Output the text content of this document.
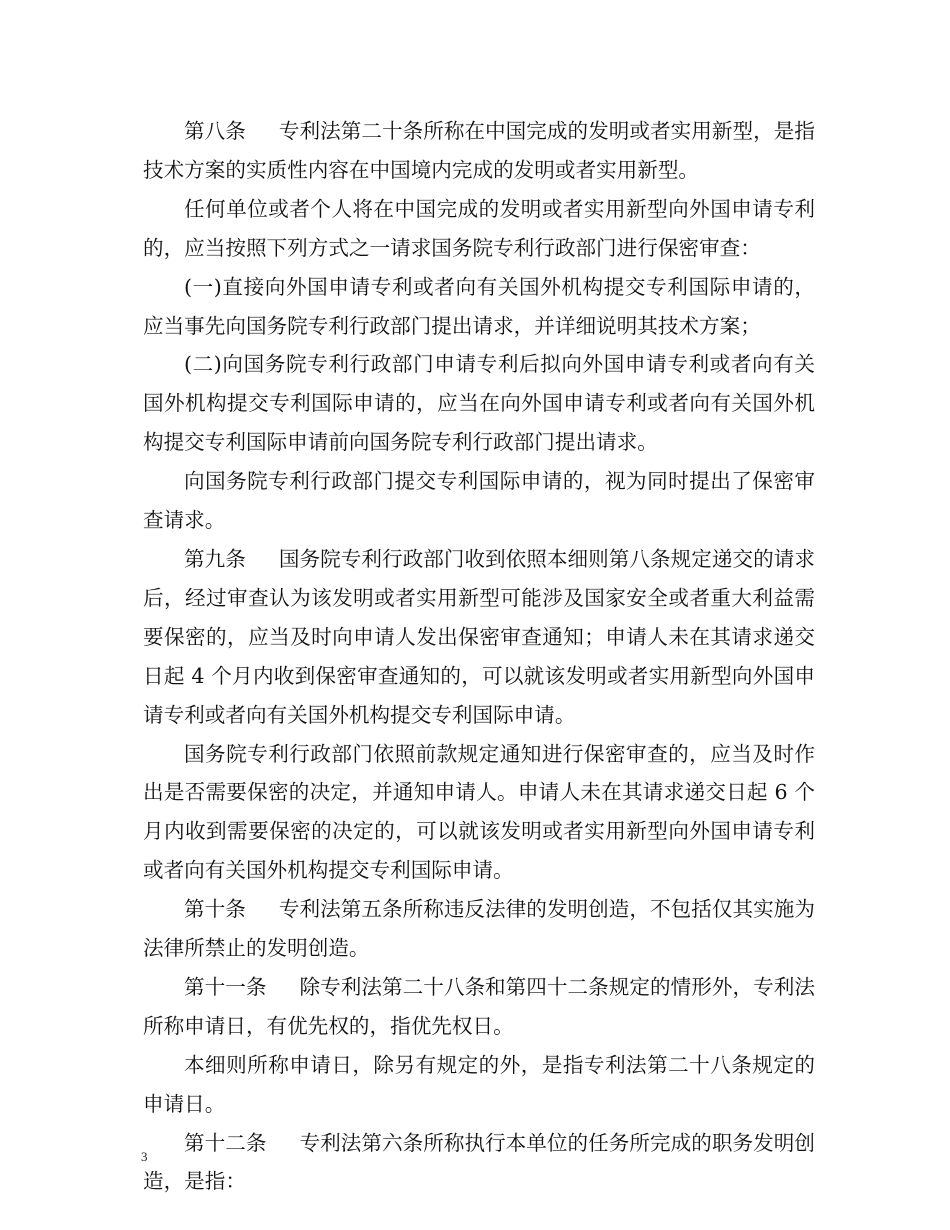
第八条 专利法第二十条所称在中国完成的发明或者实用新型，是指技术方案的实质性内容在中国境内完成的发明或者实用新型。

任何单位或者个人将在中国完成的发明或者实用新型向外国申请专利的，应当按照下列方式之一请求国务院专利行政部门进行保密审查：

(一)直接向外国申请专利或者向有关国外机构提交专利国际申请的，应当事先向国务院专利行政部门提出请求，并详细说明其技术方案；

(二)向国务院专利行政部门申请专利后拟向外国申请专利或者向有关国外机构提交专利国际申请的，应当在向外国申请专利或者向有关国外机构提交专利国际申请前向国务院专利行政部门提出请求。

向国务院专利行政部门提交专利国际申请的，视为同时提出了保密审查请求。

第九条 国务院专利行政部门收到依照本细则第八条规定递交的请求后，经过审查认为该发明或者实用新型可能涉及国家安全或者重大利益需要保密的，应当及时向申请人发出保密审查通知；申请人未在其请求递交日起 4 个月内收到保密审查通知的，可以就该发明或者实用新型向外国申请专利或者向有关国外机构提交专利国际申请。

国务院专利行政部门依照前款规定通知进行保密审查的，应当及时作出是否需要保密的决定，并通知申请人。申请人未在其请求递交日起 6 个月内收到需要保密的决定的，可以就该发明或者实用新型向外国申请专利或者向有关国外机构提交专利国际申请。

第十条 专利法第五条所称违反法律的发明创造，不包括仅其实施为法律所禁止的发明创造。

第十一条 除专利法第二十八条和第四十二条规定的情形外，专利法所称申请日，有优先权的，指优先权日。

本细则所称申请日，除另有规定的外，是指专利法第二十八条规定的申请日。

第十二条 专利法第六条所称执行本单位的任务所完成的职务发明创造，是指：

3
